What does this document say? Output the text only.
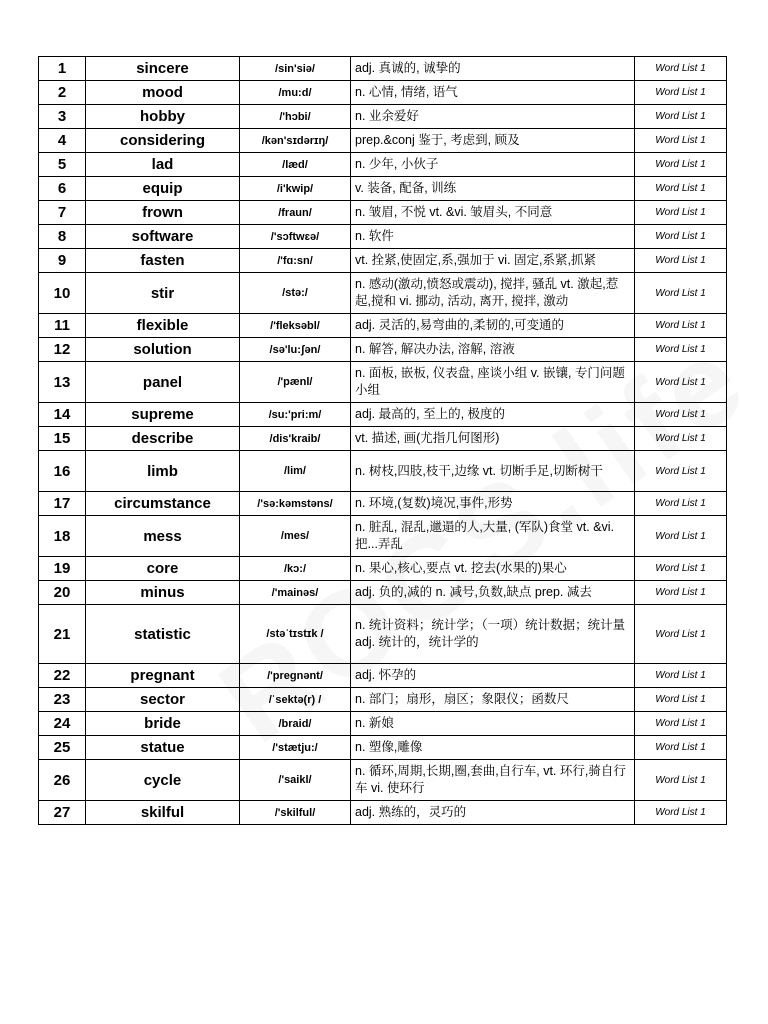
1	sincere	/sin'siə/	adj. 真诚的, 诚挚的	Word List 1
2	mood	/mu:d/	n. 心情, 情绪, 语气	Word List 1
3	hobby	/'hɔbi/	n. 业余爱好	Word List 1
4	considering	/kən'sɪdərɪŋ/	prep.&conj 鉴于, 考虑到, 顾及	Word List 1
5	lad	/læd/	n. 少年, 小伙子	Word List 1
6	equip	/i'kwip/	v. 装备, 配备, 训练	Word List 1
7	frown	/fraun/	n. 皱眉, 不悦 vt. &vi. 皱眉头, 不同意	Word List 1
8	software	/'sɔftwɛə/	n. 软件	Word List 1
9	fasten	/'fɑ:sn/	vt. 拴紧,使固定,系,强加于 vi. 固定,系紧,抓紧	Word List 1
10	stir	/stə:/	n. 感动(激动,愤怒或震动), 搅拌, 骚乱 vt. 激起,惹起,搅和 vi. 挪动, 活动, 离开, 搅拌, 激动	Word List 1
11	flexible	/'fleksəbl/	adj. 灵活的,易弯曲的,柔韧的,可变通的	Word List 1
12	solution	/sə'lu:ʃən/	n. 解答, 解决办法, 溶解, 溶液	Word List 1
13	panel	/'pænl/	n. 面板, 嵌板, 仪表盘, 座谈小组 v. 嵌镶, 专门问题小组	Word List 1
14	supreme	/su:'pri:m/	adj. 最高的, 至上的, 极度的	Word List 1
15	describe	/dis'kraib/	vt. 描述, 画(尤指几何图形)	Word List 1
16	limb	/lim/	n. 树枝,四肢,枝干,边缘 vt. 切断手足,切断树干	Word List 1
17	circumstance	/'sə:kəmstəns/	n. 环境,(复数)境况,事件,形势	Word List 1
18	mess	/mes/	n. 脏乱, 混乱,邋遢的人,大量, (军队)食堂 vt. &vi. 把...弄乱	Word List 1
19	core	/kɔ:/	n. 果心,核心,要点 vt. 挖去(水果的)果心	Word List 1
20	minus	/'mainəs/	adj. 负的,减的 n. 减号,负数,缺点 prep. 减去	Word List 1
21	statistic	/stəˈtɪstɪk /	n. 统计资料；统计学；（一项）统计数据；统计量
adj. 统计的，统计学的	Word List 1
22	pregnant	/'pregnənt/	adj. 怀孕的	Word List 1
23	sector	/ˈsektə(r) /	n. 部门；扇形，扇区；象限仪；函数尺	Word List 1
24	bride	/braid/	n. 新娘	Word List 1
25	statue	/'stætju:/	n. 塑像,雕像	Word List 1
26	cycle	/'saikl/	n. 循环,周期,长期,圈,套曲,自行车, vt. 环行,骑自行车 vi. 使环行	Word List 1
27	skilful	/'skilful/	adj. 熟练的，灵巧的	Word List 1
